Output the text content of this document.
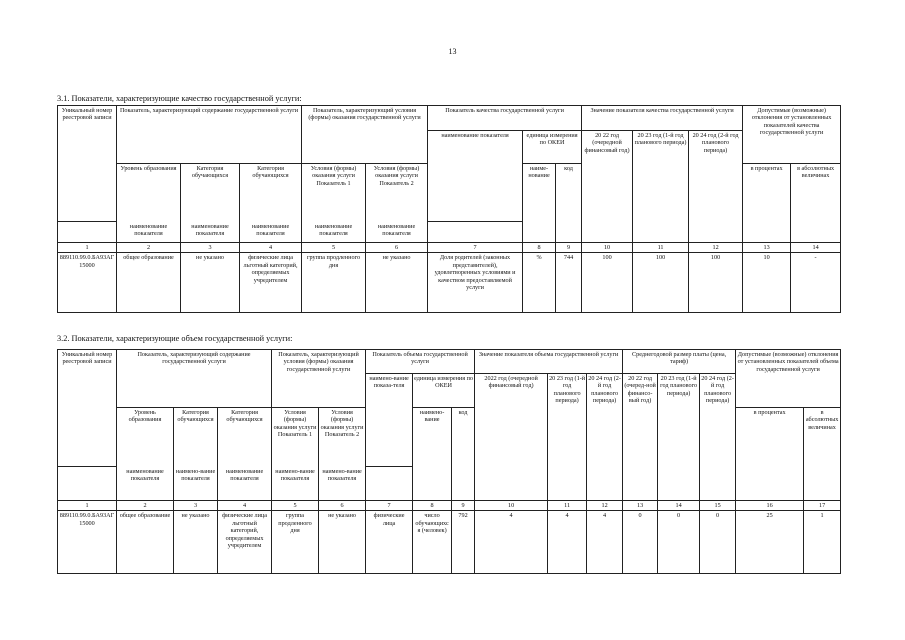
13
3.1. Показатели, характеризующие качество государственной услуги:
Уникальный номер реестровой записи	Показатель, характеризующий содержание государственной услуги			Показатель, характеризующий условия (формы) оказания государственной услуги		Показатель качества государственной услуги			Значение показателя качества государственной услуги			Допустимые (возможные) отклонения от установленных показателей качества государственной услуги	
						наименование показателя	единица измерения по ОКЕИ		20 22 год (очередной финансовый год)	20 23 год (1-й год планового периода)	20 24 год (2-й год планового периода)		
	Уровень образования	Категория обучающихся	Категория обучающихся	Условия (формы) оказания услуги Показатель 1	Условия (формы) оказания услуги Показатель 2		наиме-нование	код				в процентах	в абсолютных величинах
	наименование показателя	наименование показателя	наименование показателя	наименование показателя	наименование показателя								
1	2	3	4	5	6	7	8	9	10	11	12	13	14
889110.99.0.БА93АГ15000	общее образование	не указано	физические лица льготный категорий, определяемых учредителем	группа продленного дня	не указано	Доля родителей (законных представителей), удовлетворенных условиями и качеством предоставляемой услуги	%	744	100	100	100	10	-
3.2. Показатели, характеризующие объем государственной услуги:
Уникальный номер реестровой записи	Показатель, характеризующий содержание государственной услуги			Показатель, характеризующий условия (формы) оказания государственной услуги		Показатель объема государственной услуги			Значение показателя объема государственной услуги			Среднегодовой размер платы (цена, тариф)			Допустимые (возможные) отклонения от установленных показателей объема государственной услуги	
						наимено-вание показа-теля	единица измерения по ОКЕИ		2022 год (очередной финансовый год)	20 23 год (1-й год планового периода)	20 24 год (2-й год планового периода)	20 22 год (очеред-ной финансо-вый год)	20 23 год (1-й год планового периода)	20 24 год (2-й год планового периода)		
	Уровень образования	Категория обучающихся	Категория обучающихся	Условия (формы) оказания услуги Показатель 1	Условия (формы) оказания услуги Показатель 2		наимено-вание	код							в процентах	в абсолютных величинах
	наименование показателя	наимено-вание показателя	наименование показателя	наимено-вание показателя	наимено-вание показателя											
1	2	3	4	5	6	7	8	9	10	11	12	13	14	15	16	17
889110.99.0.БА93АГ15000	общее образование	не указано	физические лица льготный категорий, определяемых учредителем	группа продленного дня	не указано	физические лица	число обучающихся (человек)	792	4	4	4	0	0	0	25	1
